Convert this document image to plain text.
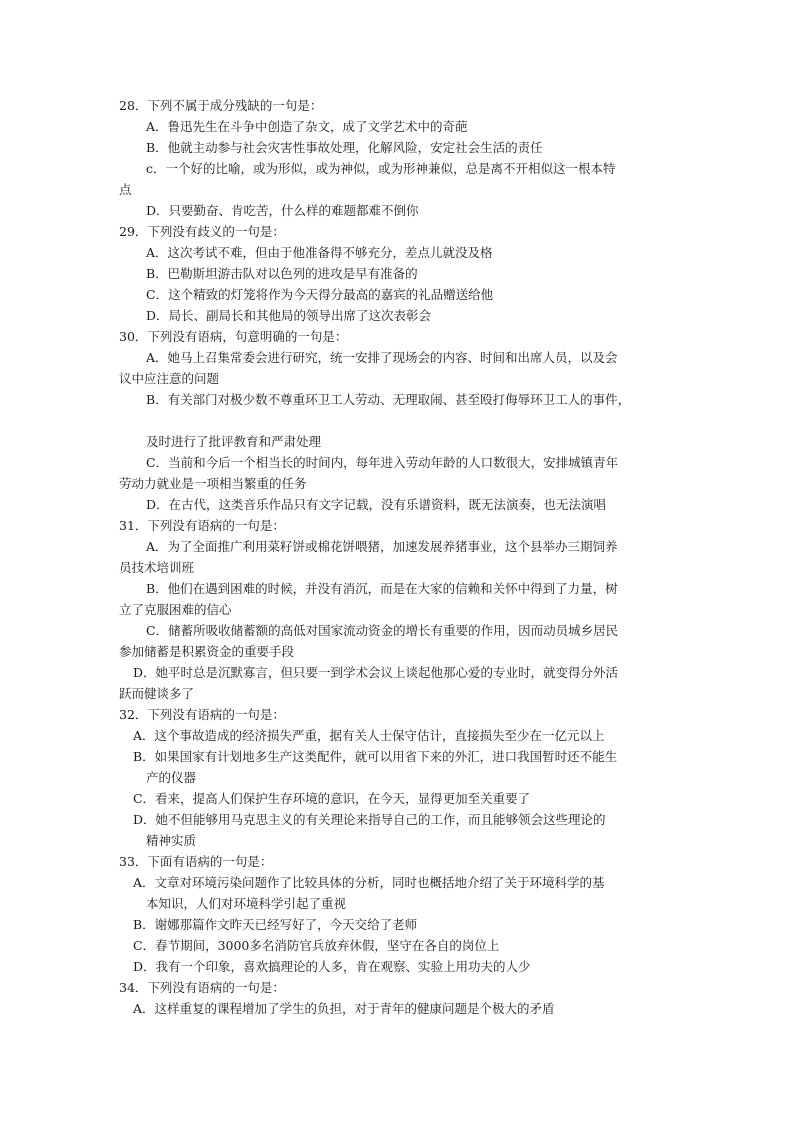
28．下列不属于成分残缺的一句是：
A．鲁迅先生在斗争中创造了杂文，成了文学艺术中的奇葩
B．他就主动参与社会灾害性事故处理，化解风险，安定社会生活的责任
c．一个好的比喻，或为形似，或为神似，或为形神兼似，总是离不开相似这一根本特
点
D．只要勤奋、肯吃苦，什么样的难题都难不倒你
29．下列没有歧义的一句是：
A．这次考试不难，但由于他准备得不够充分，差点儿就没及格
B．巴勒斯坦游击队对以色列的进攻是早有准备的
C．这个精致的灯笼将作为今天得分最高的嘉宾的礼品赠送给他
D．局长、副局长和其他局的领导出席了这次表彰会
30．下列没有语病，句意明确的一句是：
A．她马上召集常委会进行研究，统一安排了现场会的内容、时间和出席人员，以及会
议中应注意的问题
B．有关部门对极少数不尊重环卫工人劳动、无理取闹、甚至殴打侮辱环卫工人的事件，
及时进行了批评教育和严肃处理
C．当前和今后一个相当长的时间内，每年进入劳动年龄的人口数很大，安排城镇青年
劳动力就业是一项相当繁重的任务
D．在古代，这类音乐作品只有文字记载，没有乐谱资料，既无法演奏，也无法演唱
31．下列没有语病的一句是：
A．为了全面推广利用菜籽饼或棉花饼喂猪，加速发展养猪事业，这个县举办三期饲养
员技术培训班
B．他们在遇到困难的时候，并没有消沉，而是在大家的信赖和关怀中得到了力量，树
立了克服困难的信心
C．储蓄所吸收储蓄额的高低对国家流动资金的增长有重要的作用，因而动员城乡居民
参加储蓄是积累资金的重要手段
D．她平时总是沉默寡言，但只要一到学术会议上谈起他那心爱的专业时，就变得分外活
跃而健谈多了
32．下列没有语病的一句是：
A．这个事故造成的经济损失严重，据有关人士保守估计，直接损失至少在一亿元以上
B．如果国家有计划地多生产这类配件，就可以用省下来的外汇，进口我国暂时还不能生
产的仪器
C．看来，提高人们保护生存环境的意识，在今天，显得更加至关重要了
D．她不但能够用马克思主义的有关理论来指导自己的工作，而且能够领会这些理论的
精神实质
33．下面有语病的一句是：
A．文章对环境污染问题作了比较具体的分析，同时也概括地介绍了关于环境科学的基
本知识，人们对环境科学引起了重视
B．谢娜那篇作文昨天已经写好了，今天交给了老师
C．春节期间，3000多名消防官兵放弃休假，坚守在各自的岗位上
D．我有一个印象，喜欢搞理论的人多，肯在观察、实验上用功夫的人少
34．下列没有语病的一句是：
A．这样重复的课程增加了学生的负担，对于青年的健康问题是个极大的矛盾
